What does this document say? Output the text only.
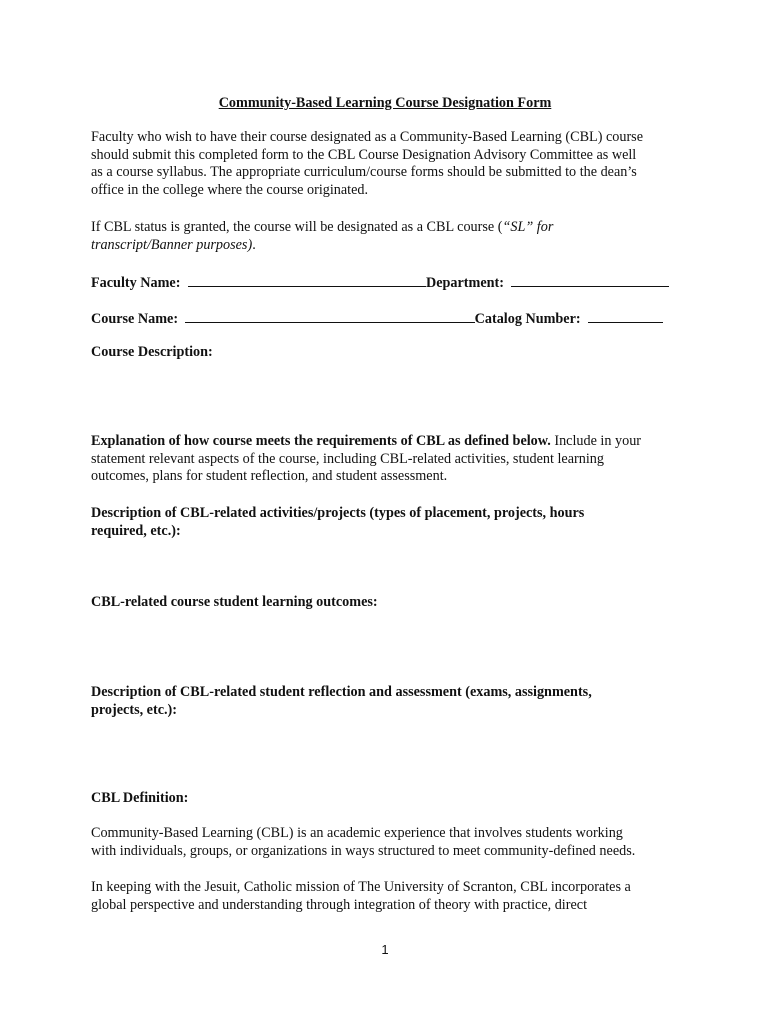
Community-Based Learning Course Designation Form
Faculty who wish to have their course designated as a Community-Based Learning (CBL) course
should submit this completed form to the CBL Course Designation Advisory Committee as well
as a course syllabus. The appropriate curriculum/course forms should be submitted to the dean’s
office in the college where the course originated.
If CBL status is granted, the course will be designated as a CBL course (“SL” for
transcript/Banner purposes).
Faculty Name:	Department:
Course Name:	Catalog Number:
Course Description:
Explanation of how course meets the requirements of CBL as defined below. Include in your
statement relevant aspects of the course, including CBL-related activities, student learning
outcomes, plans for student reflection, and student assessment.
Description of CBL-related activities/projects (types of placement, projects, hours
required, etc.):
CBL-related course student learning outcomes:
Description of CBL-related student reflection and assessment (exams, assignments,
projects, etc.):
CBL Definition:
Community-Based Learning (CBL) is an academic experience that involves students working
with individuals, groups, or organizations in ways structured to meet community-defined needs.
In keeping with the Jesuit, Catholic mission of The University of Scranton, CBL incorporates a
global perspective and understanding through integration of theory with practice, direct
1
